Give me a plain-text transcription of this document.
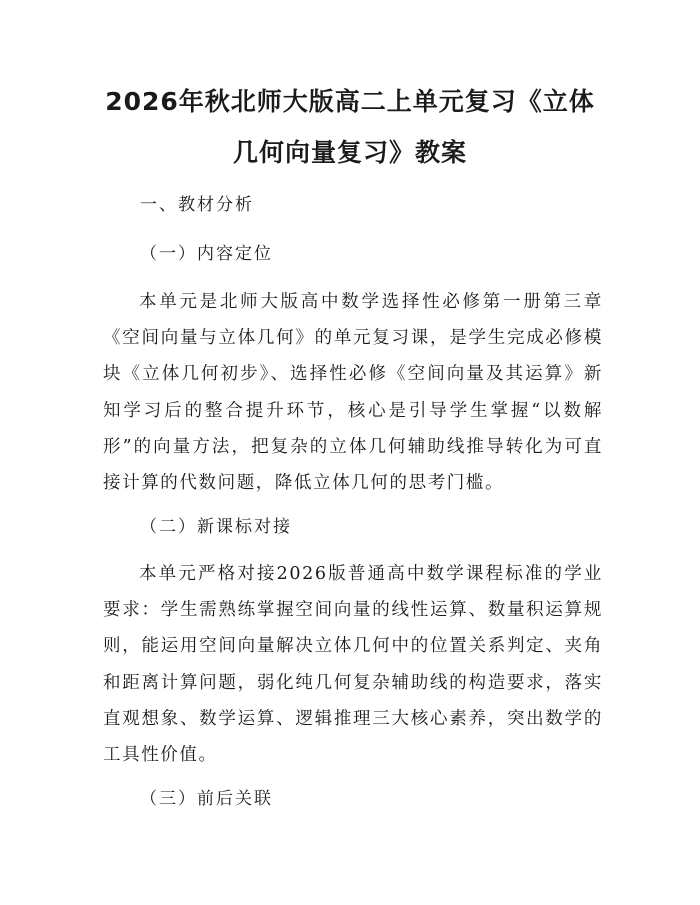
2026年秋北师大版高二上单元复习《立体几何向量复习》教案

一、教材分析

（一）内容定位

本单元是北师大版高中数学选择性必修第一册第三章《空间向量与立体几何》的单元复习课，是学生完成必修模块《立体几何初步》、选择性必修《空间向量及其运算》新知学习后的整合提升环节，核心是引导学生掌握“以数解形”的向量方法，把复杂的立体几何辅助线推导转化为可直接计算的代数问题，降低立体几何的思考门槛。

（二）新课标对接

本单元严格对接2026版普通高中数学课程标准的学业要求：学生需熟练掌握空间向量的线性运算、数量积运算规则，能运用空间向量解决立体几何中的位置关系判定、夹角和距离计算问题，弱化纯几何复杂辅助线的构造要求，落实直观想象、数学运算、逻辑推理三大核心素养，突出数学的工具性价值。

（三）前后关联
